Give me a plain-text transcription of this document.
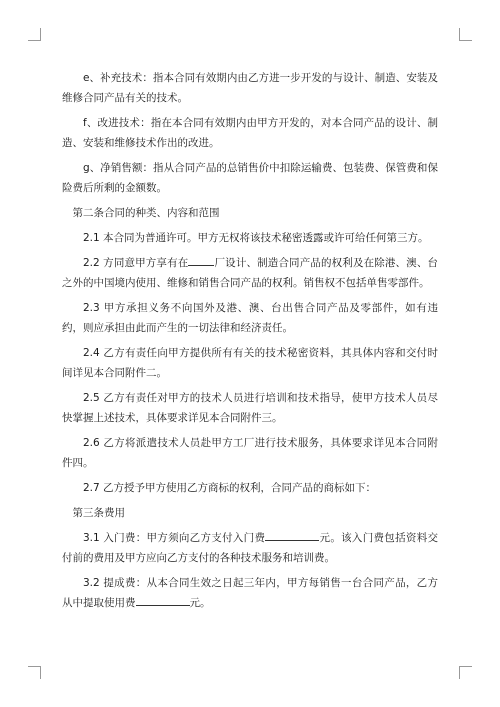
e、补充技术：指本合同有效期内由乙方进一步开发的与设计、制造、安装及维修合同产品有关的技术。

f、改进技术：指在本合同有效期内由甲方开发的，对本合同产品的设计、制造、安装和维修技术作出的改进。

g、净销售额：指从合同产品的总销售价中扣除运输费、包装费、保管费和保险费后所剩的金额数。

第二条合同的种类、内容和范围

2.1 本合同为普通许可。甲方无权将该技术秘密透露或许可给任何第三方。

2.2 方同意甲方享有在 厂设计、制造合同产品的权利及在除港、澳、台之外的中国境内使用、维修和销售合同产品的权利。销售权不包括单售零部件。

2.3 甲方承担义务不向国外及港、澳、台出售合同产品及零部件，如有违约，则应承担由此而产生的一切法律和经济责任。

2.4 乙方有责任向甲方提供所有有关的技术秘密资料，其具体内容和交付时间详见本合同附件二。

2.5 乙方有责任对甲方的技术人员进行培训和技术指导，使甲方技术人员尽快掌握上述技术，具体要求详见本合同附件三。

2.6 乙方将派遣技术人员赴甲方工厂进行技术服务，具体要求详见本合同附件四。

2.7 乙方授予甲方使用乙方商标的权利，合同产品的商标如下：

第三条费用

3.1 入门费：甲方须向乙方支付入门费	元。该入门费包括资料交付前的费用及甲方应向乙方支付的各种技术服务和培训费。

3.2 提成费：从本合同生效之日起三年内，甲方每销售一台合同产品，乙方从中提取使用费	元。
